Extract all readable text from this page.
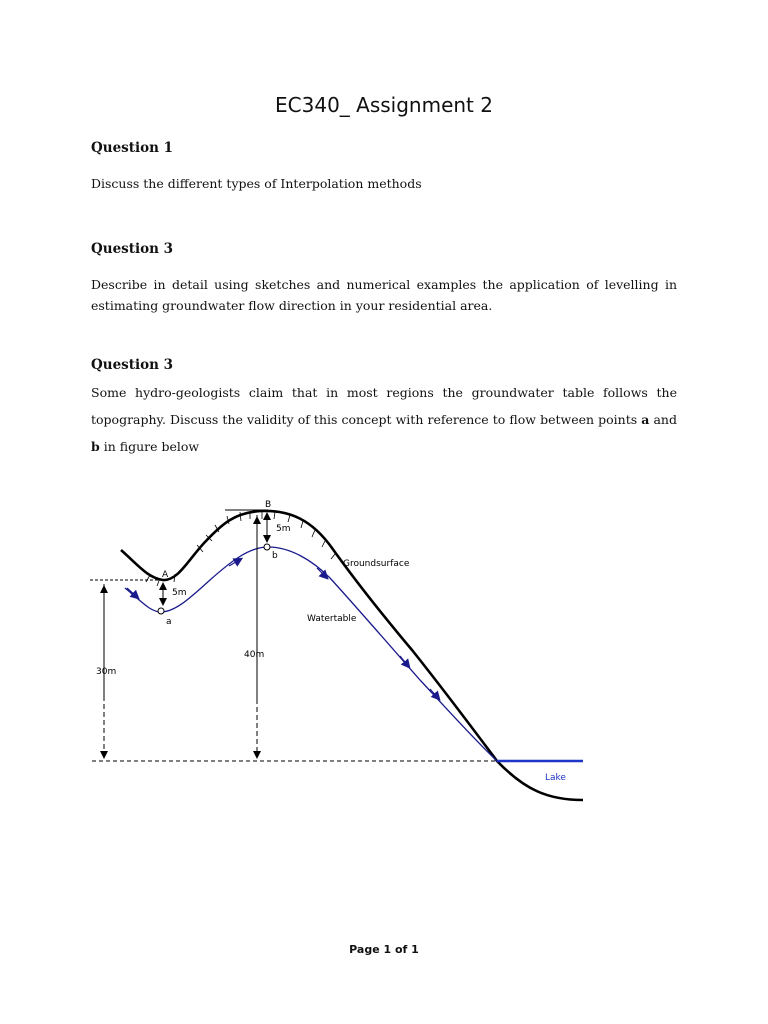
EC340_ Assignment 2
Question 1
Discuss the different types of Interpolation methods
Question 3
Describe in detail using sketches and numerical examples the application of levelling in estimating groundwater flow direction in your residential area.
Question 3
Some hydro-geologists claim that in most regions the groundwater table follows the topography. Discuss the validity of this concept with reference to flow between points a and b in figure below
A
B
a
b
5m
5m
30m
40m
Groundsurface
Watertable
Lake
Page 1 of 1
